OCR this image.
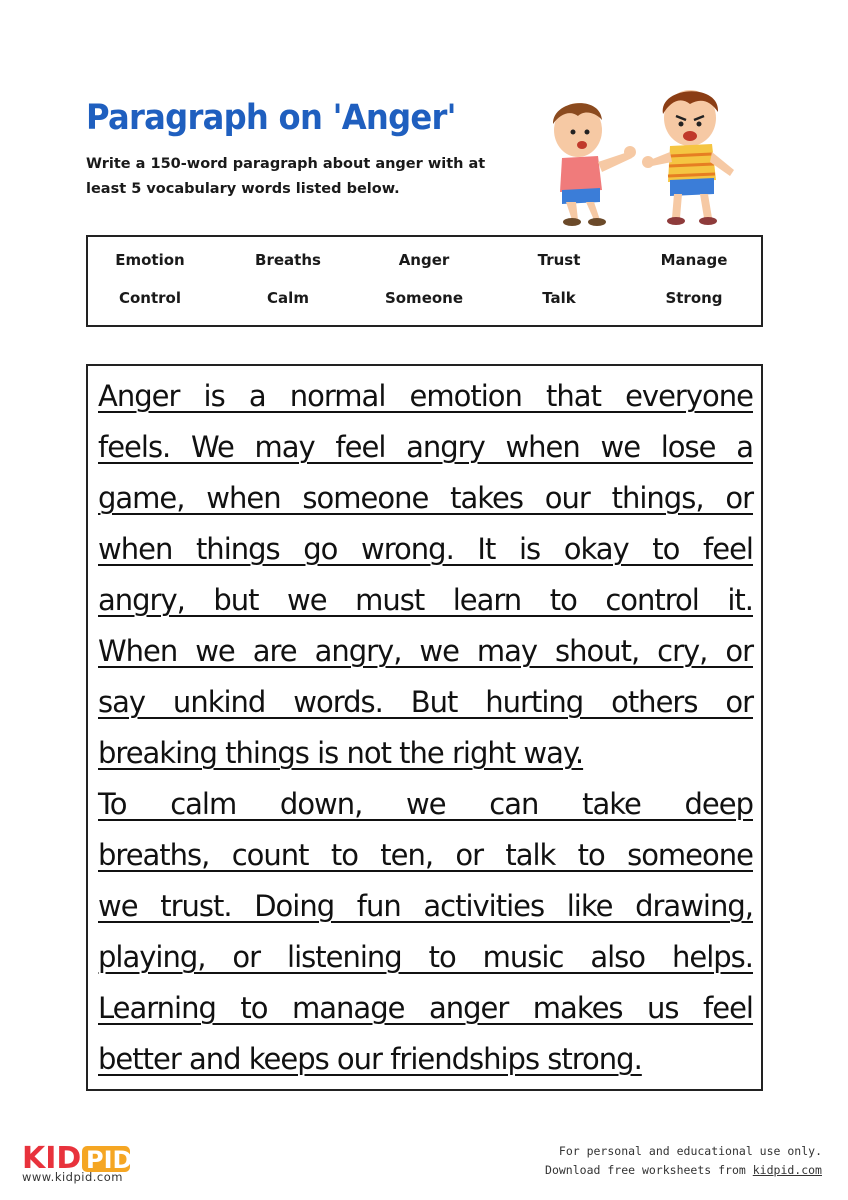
Paragraph on 'Anger'
Write a 150-word paragraph about anger with at least 5 vocabulary words listed below.
Emotion	Breaths	Anger	Trust	Manage
Control	Calm	Someone	Talk	Strong
Anger is a normal emotion that everyone
feels. We may feel angry when we lose a
game, when someone takes our things, or
when things go wrong. It is okay to feel
angry, but we must learn to control it.
When we are angry, we may shout, cry, or
say unkind words. But hurting others or
breaking things is not the right way.
To calm down, we can take deep
breaths, count to ten, or talk to someone
we trust. Doing fun activities like drawing,
playing, or listening to music also helps.
Learning to manage anger makes us feel
better and keeps our friendships strong.
KID PID
www.kidpid.com
For personal and educational use only.
Download free worksheets from kidpid.com
